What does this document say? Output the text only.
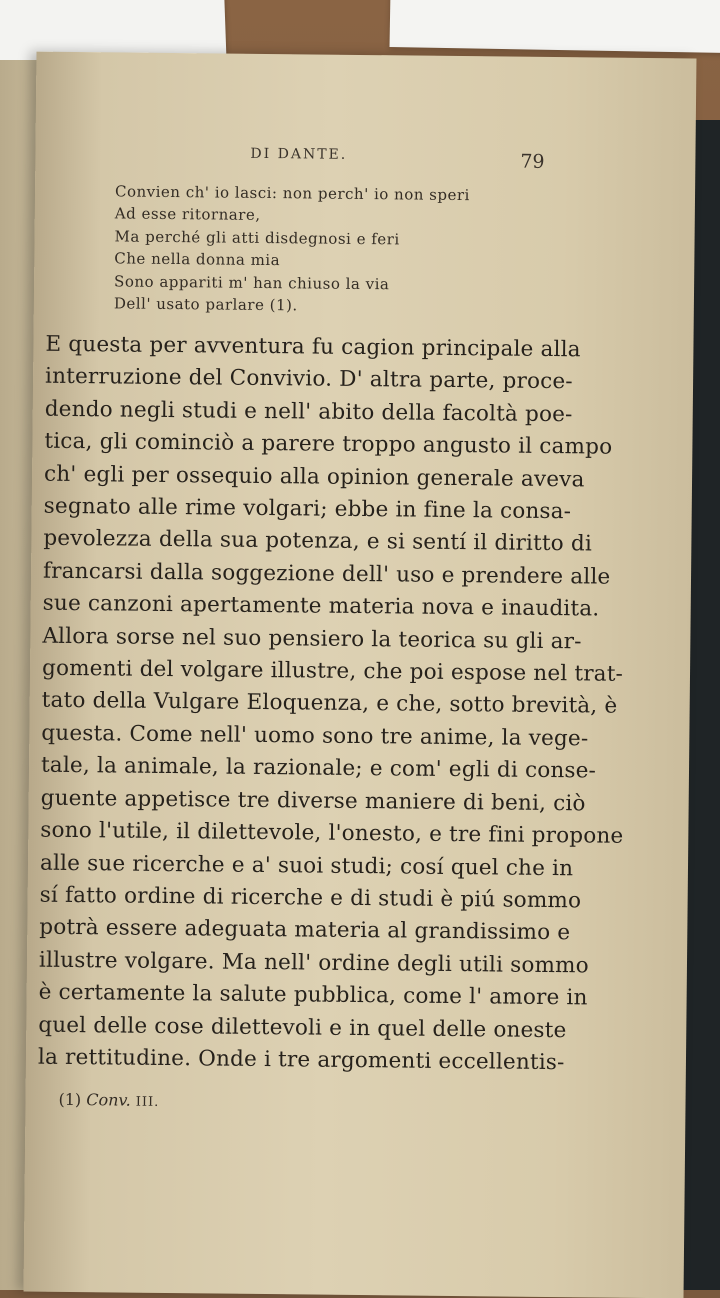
DI DANTE.	79
Convien ch' io lasci: non perch' io non speri
Ad esse ritornare,
Ma perché gli atti disdegnosi e feri
Che nella donna mia
Sono appariti m' han chiuso la via
Dell' usato parlare (1).
E questa per avventura fu cagion principale alla
interruzione del Convivio. D' altra parte, proce-
dendo negli studi e nell' abito della facoltà poe-
tica, gli cominciò a parere troppo angusto il campo
ch' egli per ossequio alla opinion generale aveva
segnato alle rime volgari; ebbe in fine la consa-
pevolezza della sua potenza, e si sentí il diritto di
francarsi dalla soggezione dell' uso e prendere alle
sue canzoni apertamente materia nova e inaudita.
Allora sorse nel suo pensiero la teorica su gli ar-
gomenti del volgare illustre, che poi espose nel trat-
tato della Vulgare Eloquenza, e che, sotto brevità, è
questa. Come nell' uomo sono tre anime, la vege-
tale, la animale, la razionale; e com' egli di conse-
guente appetisce tre diverse maniere di beni, ciò
sono l'utile, il dilettevole, l'onesto, e tre fini propone
alle sue ricerche e a' suoi studi; cosí quel che in
sí fatto ordine di ricerche e di studi è piú sommo
potrà essere adeguata materia al grandissimo e
illustre volgare. Ma nell' ordine degli utili sommo
è certamente la salute pubblica, come l' amore in
quel delle cose dilettevoli e in quel delle oneste
la rettitudine. Onde i tre argomenti eccellentis-
(1) Conv. III.
